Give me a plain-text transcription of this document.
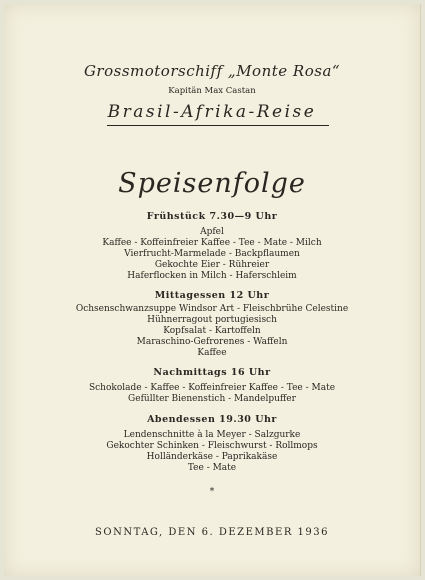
Grossmotorschiff „Monte Rosa“
Kapitän Max Castan
Brasil-Afrika-Reise
Speisenfolge
Frühstück 7.30—9 Uhr
Apfel
Kaffee - Koffeinfreier Kaffee - Tee - Mate - Milch
Vierfrucht-Marmelade - Backpflaumen
Gekochte Eier - Rühreier
Haferflocken in Milch - Haferschleim
Mittagessen 12 Uhr
Ochsenschwanzsuppe Windsor Art - Fleischbrühe Celestine
Hühnerragout portugiesisch
Kopfsalat - Kartoffeln
Maraschino-Gefrorenes - Waffeln
Kaffee
Nachmittags 16 Uhr
Schokolade - Kaffee - Koffeinfreier Kaffee - Tee - Mate
Gefüllter Bienenstich - Mandelpuffer
Abendessen 19.30 Uhr
Lendenschnitte à la Meyer - Salzgurke
Gekochter Schinken - Fleischwurst - Rollmops
Holländerkäse - Paprikakäse
Tee - Mate
*
SONNTAG, DEN 6. DEZEMBER 1936
